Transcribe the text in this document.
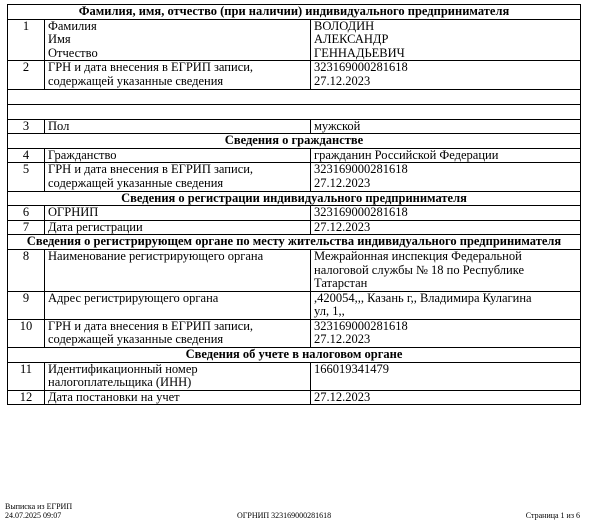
Фамилия, имя, отчество (при наличии) индивидуального предпринимателя		
1	Фамилия
Имя
Отчество	ВОЛОДИН
АЛЕКСАНДР
ГЕННАДЬЕВИЧ
2	ГРН и дата внесения в ЕГРИП записи,
содержащей указанные сведения	323169000281618
27.12.2023

3	Пол	мужской
Сведения о гражданстве		
4	Гражданство	гражданин Российской Федерации
5	ГРН и дата внесения в ЕГРИП записи,
содержащей указанные сведения	323169000281618
27.12.2023
Сведения о регистрации индивидуального предпринимателя		
6	ОГРНИП	323169000281618
7	Дата регистрации	27.12.2023
Сведения о регистрирующем органе по месту жительства индивидуального предпринимателя		
8	Наименование регистрирующего органа	Межрайонная инспекция Федеральной
налоговой службы № 18 по Республике
Татарстан
9	Адрес регистрирующего органа	,420054,,, Казань г,, Владимира Кулагина
ул, 1,,
10	ГРН и дата внесения в ЕГРИП записи,
содержащей указанные сведения	323169000281618
27.12.2023
Сведения об учете в налоговом органе		
11	Идентификационный номер
налогоплательщика (ИНН)	166019341479
12	Дата постановки на учет	27.12.2023
Выписка из ЕГРИП
24.07.2025 09:07	ОГРНИП 323169000281618	Страница 1 из 6
